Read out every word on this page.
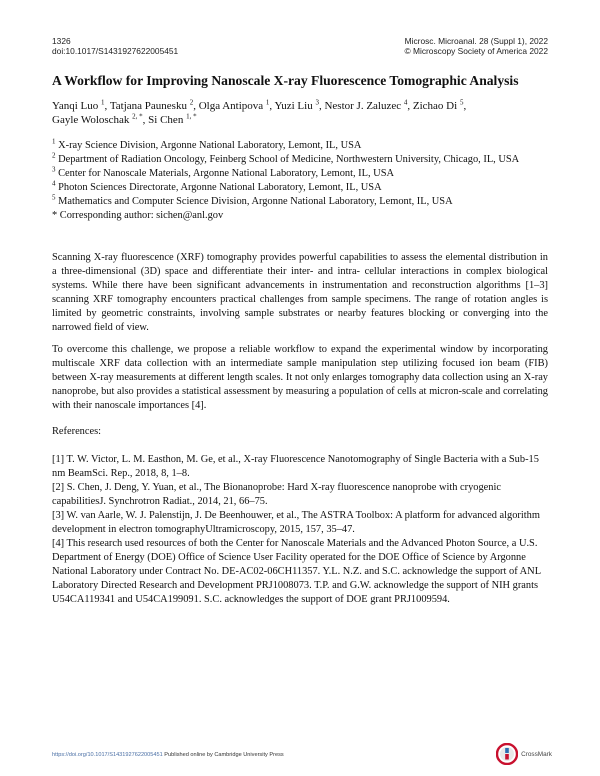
1326
doi:10.1017/S1431927622005451
Microsc. Microanal. 28 (Suppl 1), 2022
© Microscopy Society of America 2022
A Workflow for Improving Nanoscale X-ray Fluorescence Tomographic Analysis
Yanqi Luo $^1$, Tatjana Paunesku $^2$, Olga Antipova $^1$, Yuzi Liu $^3$, Nestor J. Zaluzec $^4$, Zichao Di $^5$, Gayle Woloschak $^{2, *}$, Si Chen $^{1, *}$
$^1$ X-ray Science Division, Argonne National Laboratory, Lemont, IL, USA
$^2$ Department of Radiation Oncology, Feinberg School of Medicine, Northwestern University, Chicago, IL, USA
$^3$ Center for Nanoscale Materials, Argonne National Laboratory, Lemont, IL, USA
$^4$ Photon Sciences Directorate, Argonne National Laboratory, Lemont, IL, USA
$^5$ Mathematics and Computer Science Division, Argonne National Laboratory, Lemont, IL, USA
* Corresponding author: sichen@anl.gov

Scanning X-ray fluorescence (XRF) tomography provides powerful capabilities to assess the elemental distribution in a three-dimensional (3D) space and differentiate their inter- and intra- cellular interactions in complex biological systems. While there have been significant advancements in instrumentation and reconstruction algorithms [1–3] scanning XRF tomography encounters practical challenges from sample specimens. The range of rotation angles is limited by geometric constraints, involving sample substrates or nearby features blocking or converging into the narrowed field of view.

To overcome this challenge, we propose a reliable workflow to expand the experimental window by incorporating multiscale XRF data collection with an intermediate sample manipulation step utilizing focused ion beam (FIB) between X-ray measurements at different length scales. It not only enlarges tomography data collection using an X-ray nanoprobe, but also provides a statistical assessment by measuring a population of cells at micron-scale and correlating with their nanoscale importances [4].

References:
[1] T. W. Victor, L. M. Easthon, M. Ge, et al., X-ray Fluorescence Nanotomography of Single Bacteria with a Sub-15 nm BeamSci. Rep., 2018, 8, 1–8.
[2] S. Chen, J. Deng, Y. Yuan, et al., The Bionanoprobe: Hard X-ray fluorescence nanoprobe with cryogenic capabilitiesJ. Synchrotron Radiat., 2014, 21, 66–75.
[3] W. van Aarle, W. J. Palenstijn, J. De Beenhouwer, et al., The ASTRA Toolbox: A platform for advanced algorithm development in electron tomographyUltramicroscopy, 2015, 157, 35–47.
[4] This research used resources of both the Center for Nanoscale Materials and the Advanced Photon Source, a U.S. Department of Energy (DOE) Office of Science User Facility operated for the DOE Office of Science by Argonne National Laboratory under Contract No. DE-AC02-06CH11357. Y.L. N.Z. and S.C. acknowledge the support of ANL Laboratory Directed Research and Development PRJ1008073. T.P. and G.W. acknowledge the support of NIH grants U54CA119341 and U54CA199091. S.C. acknowledges the support of DOE grant PRJ1009594.
https://doi.org/10.1017/S1431927622005451 Published online by Cambridge University Press	CrossMark
